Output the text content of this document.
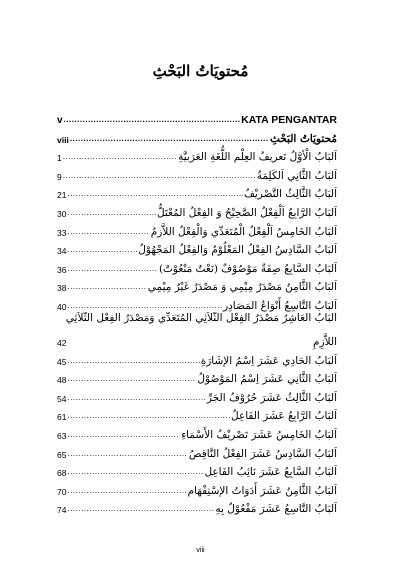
مُحتويَاتُ البَحْثِ
v .....	KATA PENGANTAR
viii .....	مُحتويَاتُ البَحْثِ
1 .....	اَلبَابُ الْأوَّلُ تَعرِيفُ العِلْمِ اللُّغَةِ العَرَبيَّةِ
9 .....	اَلبَابُ الثَّانِي اَلكَلِمَةُ
21 .....	اَلبَابُ الثَّالِثُ التَّصْرِيْفُ
30 .....	اَلبَابُ الرَّابِعُ اَلْفِعْلُ الصَّحِيْحُ وَ الفِعْلُ المُعْتَلُّ
33 .....	اَلبَابُ الخَامِسُ اَلْفِعْلُ الْمُتَعَدِّي وَالْفِعْلُ اللاَّزِمُ
34 .....	اَلبَابُ السَّادِسُ الفِعْلُ المَعْلُوْمُ وَالفِعْلُ المَجْهُوْلُ
36 .....	اَلبَابُ السَّابِعُ صِفَةٌ مَوْصُوْفٌ (نَعْتٌ مَنْعُوْتٌ)
38 .....	اَلبَابُ الثَّامِنُ مَصْدَرٌ مِيْمِي وَ مَصْدَرٌ غَيْرُ مِيْمِي
40 .....	اَلبَابُ التَّاسِعُ أَنْوَاعُ المَصَادِرِ
اَلبَابُ العَاشِرُ مَصْدَرُ الفِعْلِ الثُّلاَثِي المُتَعَدِّي وَمَصْدَرُ الفِعْلِ الثُّلاَثِي
42	اللاَّزِمِ
45 .....	اَلبَابُ الحَادِي عَشَرَ اِسْمُ الإِشَارَةِ
48 .....	اَلبَابُ الثَّانِي عَشَرَ اِسْمُ المَوْصُوْلُ
54 .....	اَلبَابُ الثَّالِثُ عَشَرَ حُرُوْفُ الجَرِّ
61 .....	اَلبَابُ الرَّابِعُ عَشَرَ الفَاعِلُ
63 .....	اَلبَابُ الخَامِسُ عَشَرَ تَصْرِيْفُ الأَسْمَاءِ
65 .....	اَلبَابُ السَّادِسُ عَشَرَ الفِعْلُ النَّاقِصُ
68 .....	اَلبَابُ السَّابِعُ عَشَرَ نَائِبُ الفَاعِلِ
70 .....	اَلبَابُ الثَّامِنُ عَشَرَ أَدَوَاتُ الإِسْتِفْهَامِ
74 .....	اَلبَابُ التَّاسِعُ عَشَرَ مَفْعُوْلٌ بِهِ
viii
